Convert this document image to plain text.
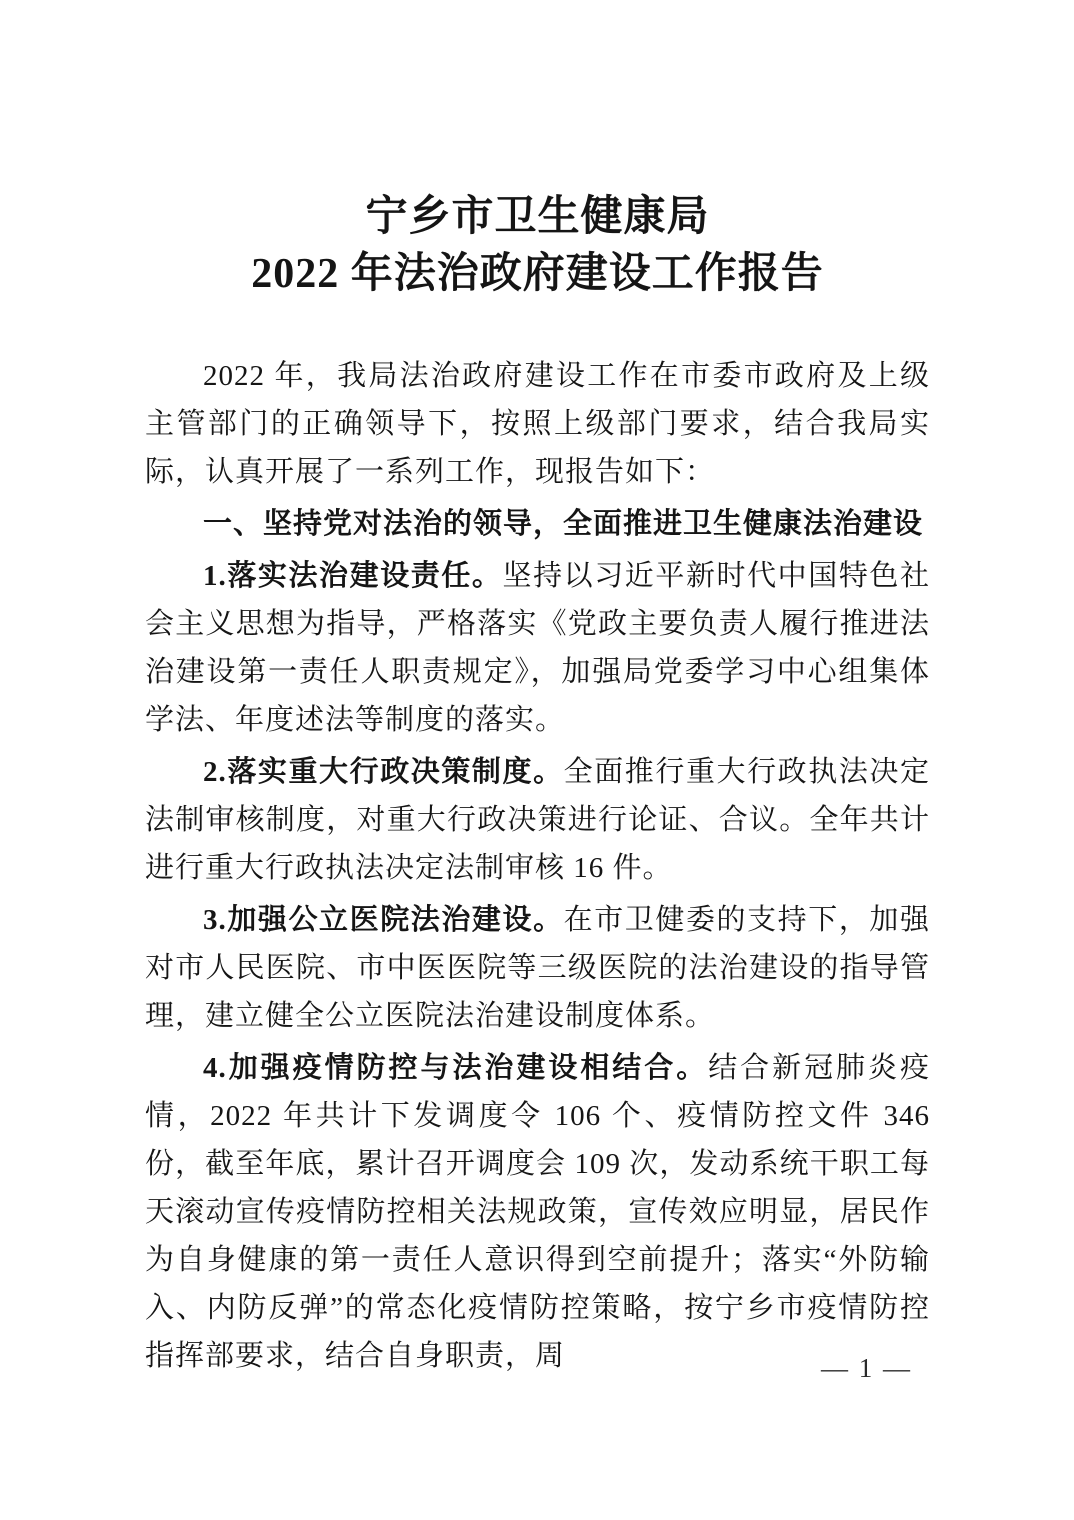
宁乡市卫生健康局
2022 年法治政府建设工作报告

2022 年，我局法治政府建设工作在市委市政府及上级主管部门的正确领导下，按照上级部门要求，结合我局实际，认真开展了一系列工作，现报告如下：

一、坚持党对法治的领导，全面推进卫生健康法治建设

1.落实法治建设责任。坚持以习近平新时代中国特色社会主义思想为指导，严格落实《党政主要负责人履行推进法治建设第一责任人职责规定》，加强局党委学习中心组集体学法、年度述法等制度的落实。

2.落实重大行政决策制度。全面推行重大行政执法决定法制审核制度，对重大行政决策进行论证、合议。全年共计进行重大行政执法决定法制审核 16 件。

3.加强公立医院法治建设。在市卫健委的支持下，加强对市人民医院、市中医医院等三级医院的法治建设的指导管理，建立健全公立医院法治建设制度体系。

4.加强疫情防控与法治建设相结合。结合新冠肺炎疫情，2022 年共计下发调度令 106 个、疫情防控文件 346 份，截至年底，累计召开调度会 109 次，发动系统干职工每天滚动宣传疫情防控相关法规政策，宣传效应明显，居民作为自身健康的第一责任人意识得到空前提升；落实“外防输入、内防反弹”的常态化疫情防控策略，按宁乡市疫情防控指挥部要求，结合自身职责，周	— 1 —
